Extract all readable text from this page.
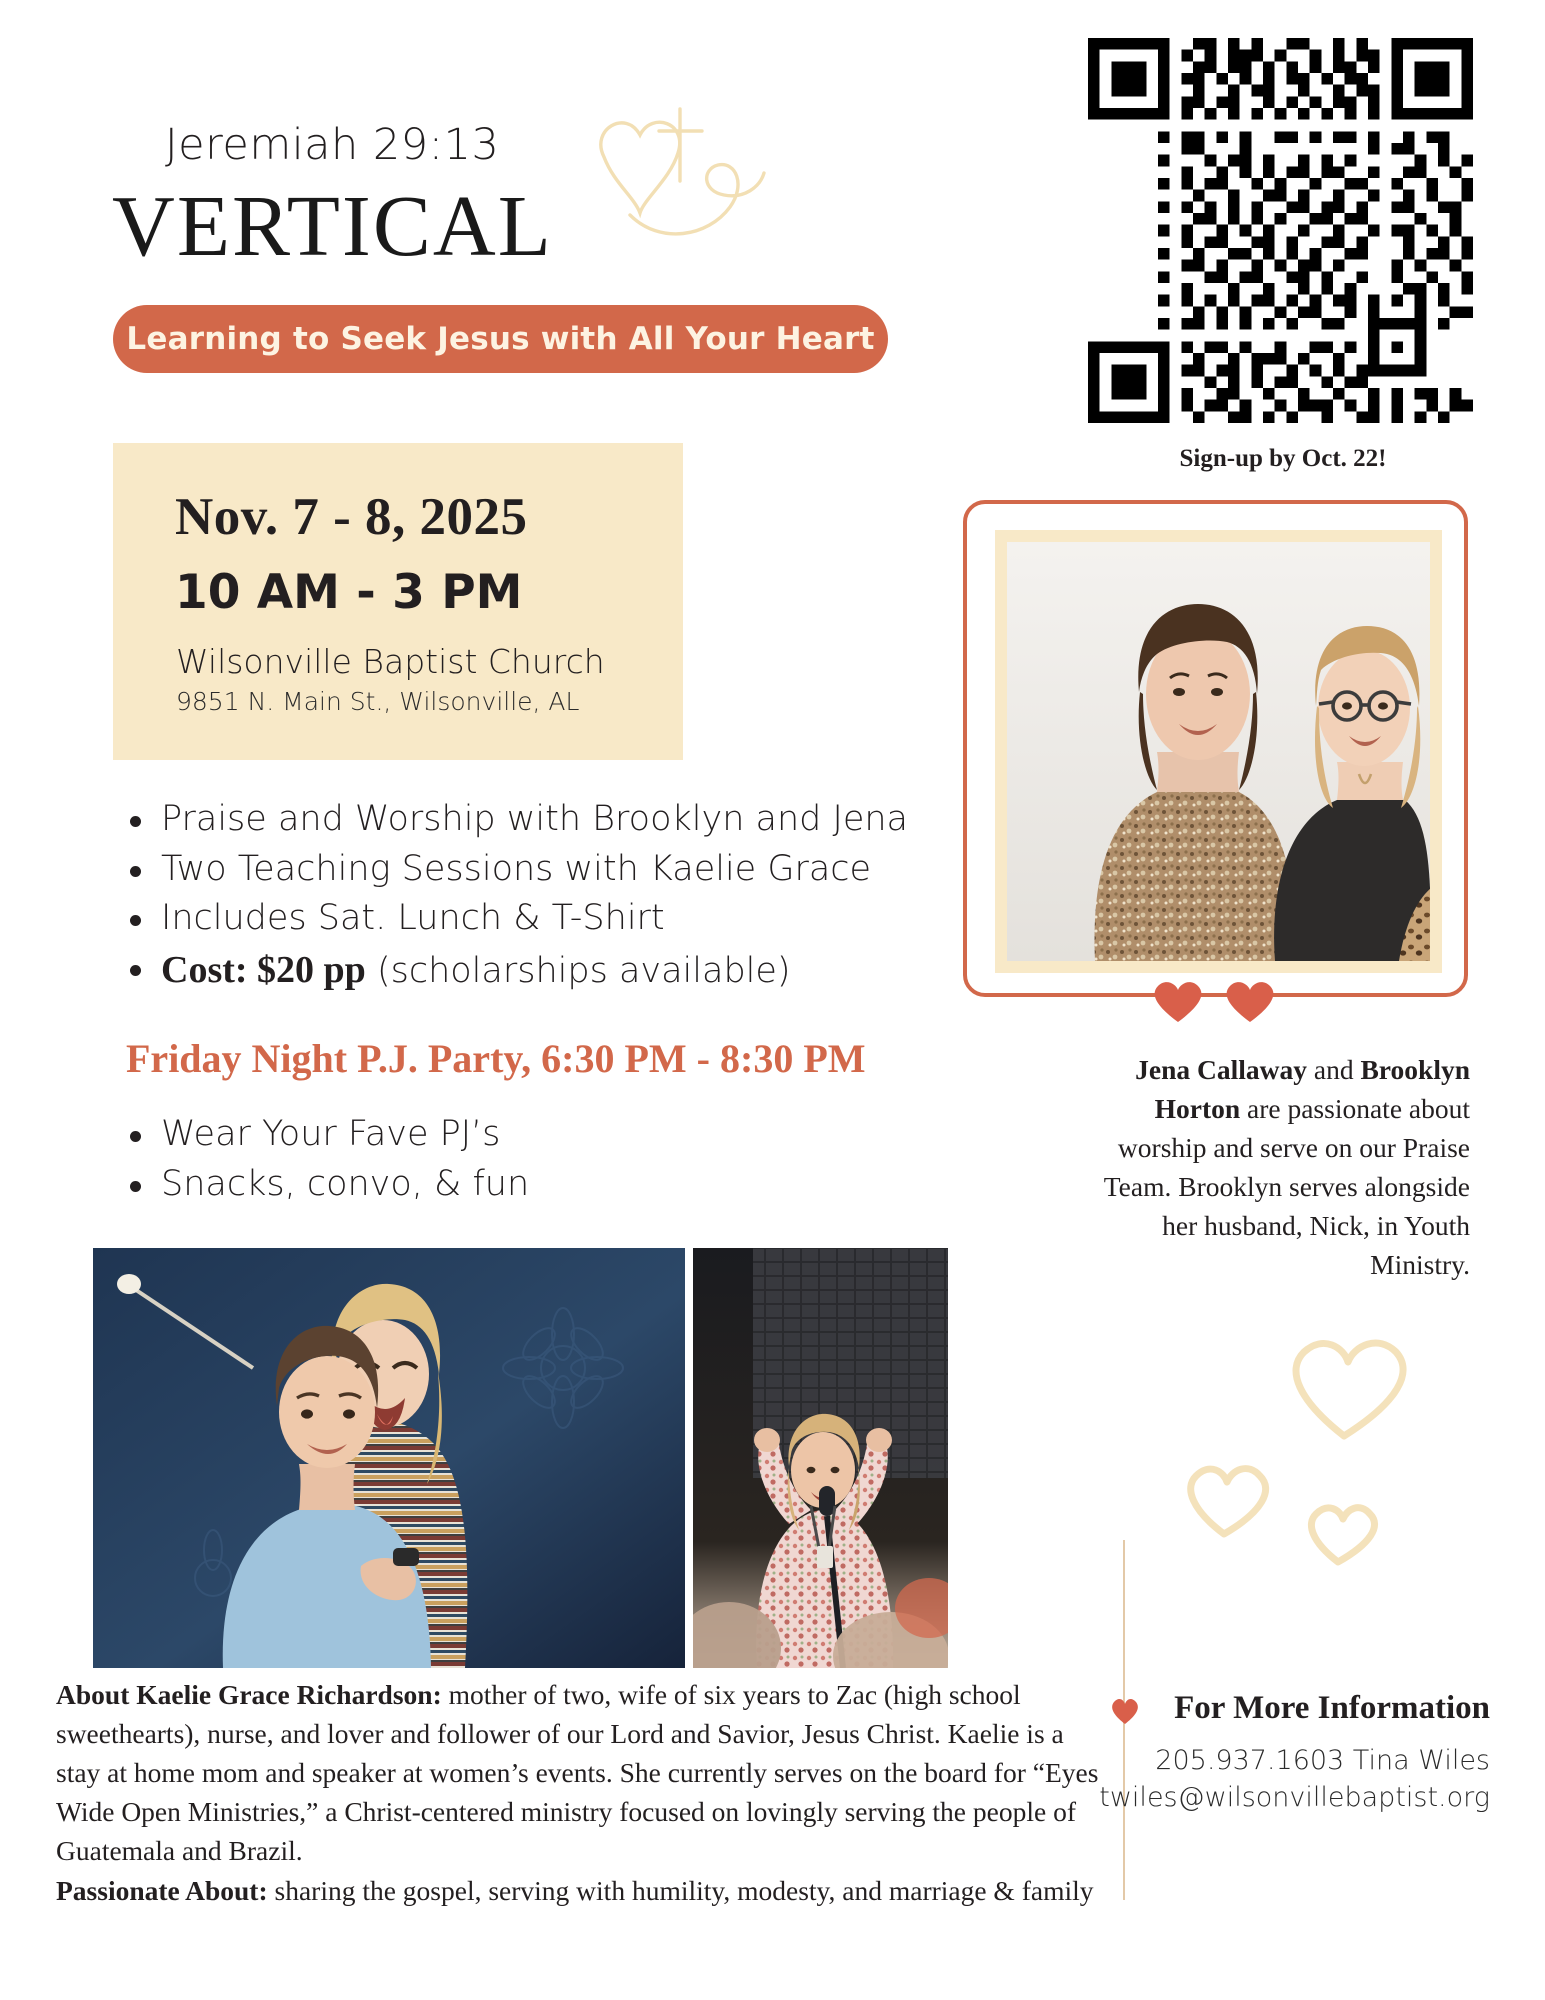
Jeremiah 29:13
VERTICAL
Learning to Seek Jesus with All Your Heart
Sign-up by Oct. 22!
Nov. 7 - 8, 2025
10 AM - 3 PM
Wilsonville Baptist Church
9851 N. Main St., Wilsonville, AL
Praise and Worship with Brooklyn and Jena
Two Teaching Sessions with Kaelie Grace
Includes Sat. Lunch & T-Shirt
Cost: $20 pp (scholarships available)
Friday Night P.J. Party, 6:30 PM - 8:30 PM
Wear Your Fave PJ’s
Snacks, convo, & fun
Jena Callaway and Brooklyn Horton are passionate about worship and serve on our Praise Team. Brooklyn serves alongside her husband, Nick, in Youth Ministry.

About Kaelie Grace Richardson: mother of two, wife of six years to Zac (high school sweethearts), nurse, and lover and follower of our Lord and Savior, Jesus Christ. Kaelie is a stay at home mom and speaker at women’s events. She currently serves on the board for “Eyes Wide Open Ministries,” a Christ-centered ministry focused on lovingly serving the people of Guatemala and Brazil.

Passionate About: sharing the gospel, serving with humility, modesty, and marriage & family

For More Information
205.937.1603 Tina Wiles
twiles@wilsonvillebaptist.org
